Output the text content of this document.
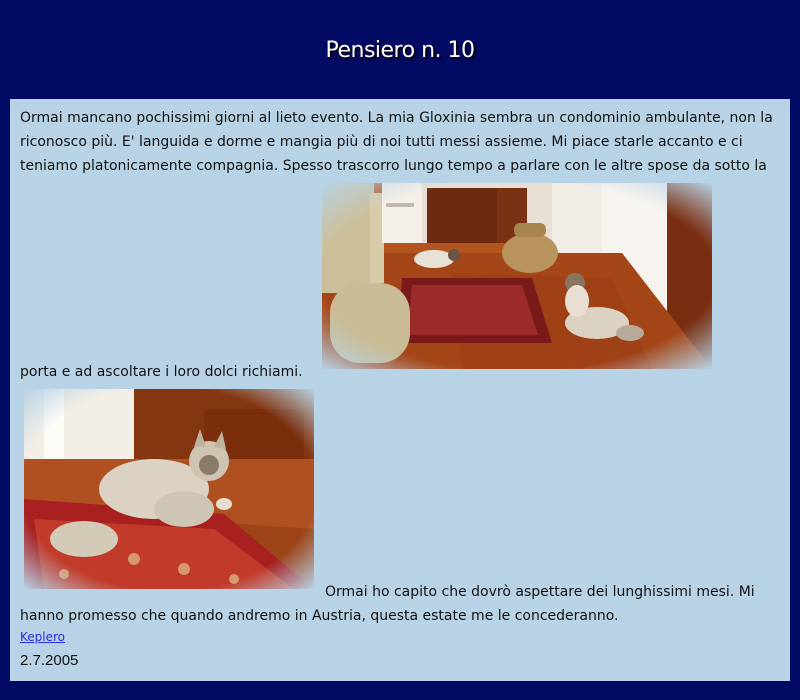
Pensiero n. 10
Ormai mancano pochissimi giorni al lieto evento. La mia Gloxinia sembra un condominio ambulante, non la
riconosco più. E' languida e dorme e mangia più di noi tutti messi assieme. Mi piace starle accanto e ci
teniamo platonicamente compagnia. Spesso trascorro lungo tempo a parlare con le altre spose da sotto la
porta e ad ascoltare i loro dolci richiami.
Ormai ho capito che dovrò aspettare dei lunghissimi mesi. Mi
hanno promesso che quando andremo in Austria, questa estate me le concederanno.
Keplero
2.7.2005
